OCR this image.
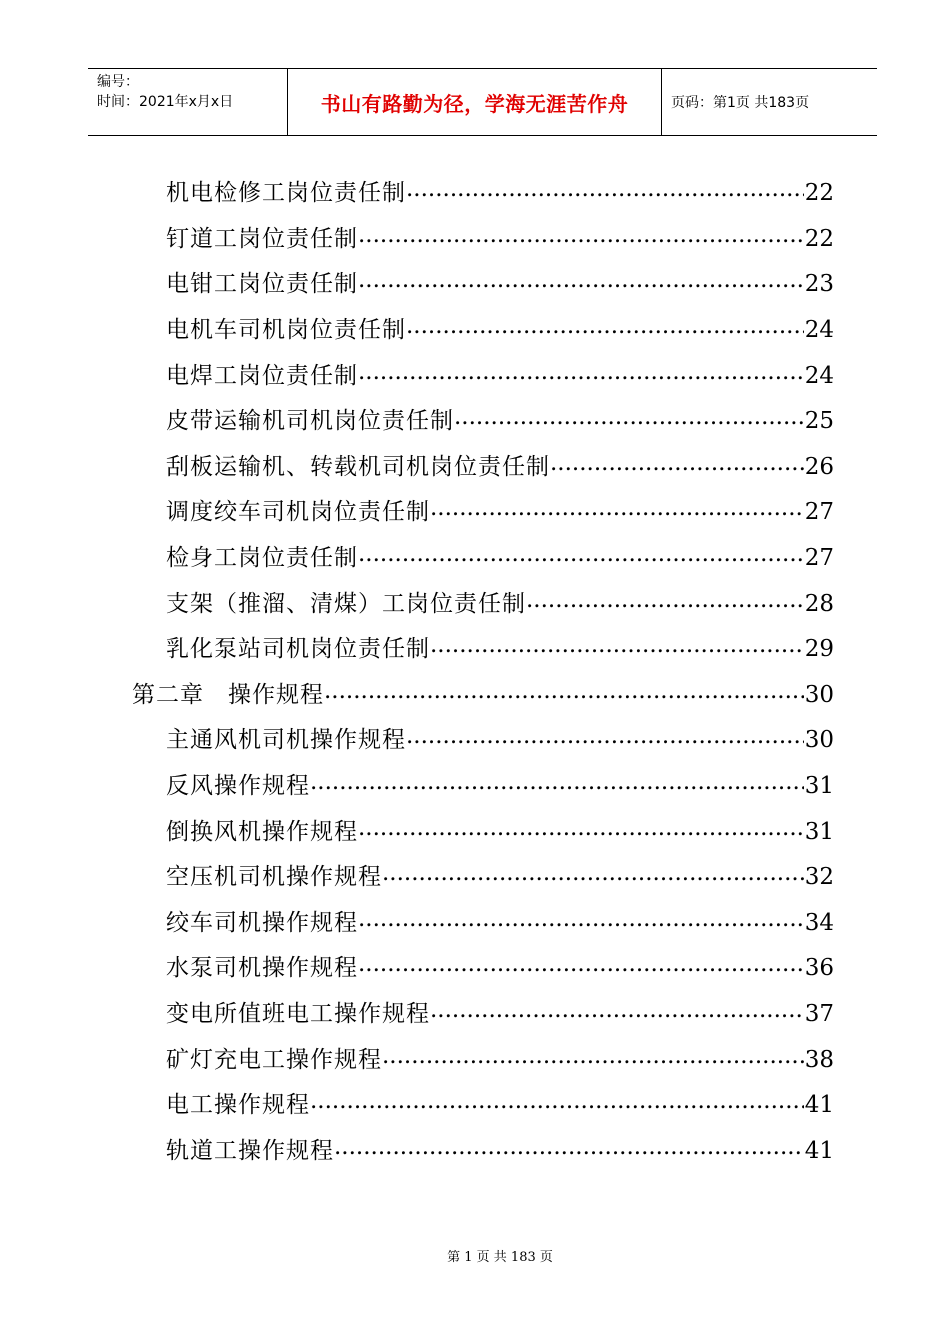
编号：
时间：2021年x月x日	书山有路勤为径，学海无涯苦作舟	页码：第1页 共183页
机电检修工岗位责任制 .....	22
钉道工岗位责任制 .....	22
电钳工岗位责任制 .....	23
电机车司机岗位责任制 .....	24
电焊工岗位责任制 .....	24
皮带运输机司机岗位责任制 .....	25
刮板运输机、转载机司机岗位责任制 .....	26
调度绞车司机岗位责任制 .....	27
检身工岗位责任制 .....	27
支架（推溜、清煤）工岗位责任制 .....	28
乳化泵站司机岗位责任制 .....	29
第二章　操作规程 .....	30
主通风机司机操作规程 .....	30
反风操作规程 .....	31
倒换风机操作规程 .....	31
空压机司机操作规程 .....	32
绞车司机操作规程 .....	34
水泵司机操作规程 .....	36
变电所值班电工操作规程 .....	37
矿灯充电工操作规程 .....	38
电工操作规程 .....	41
轨道工操作规程 .....	41
第 1 页 共 183 页
